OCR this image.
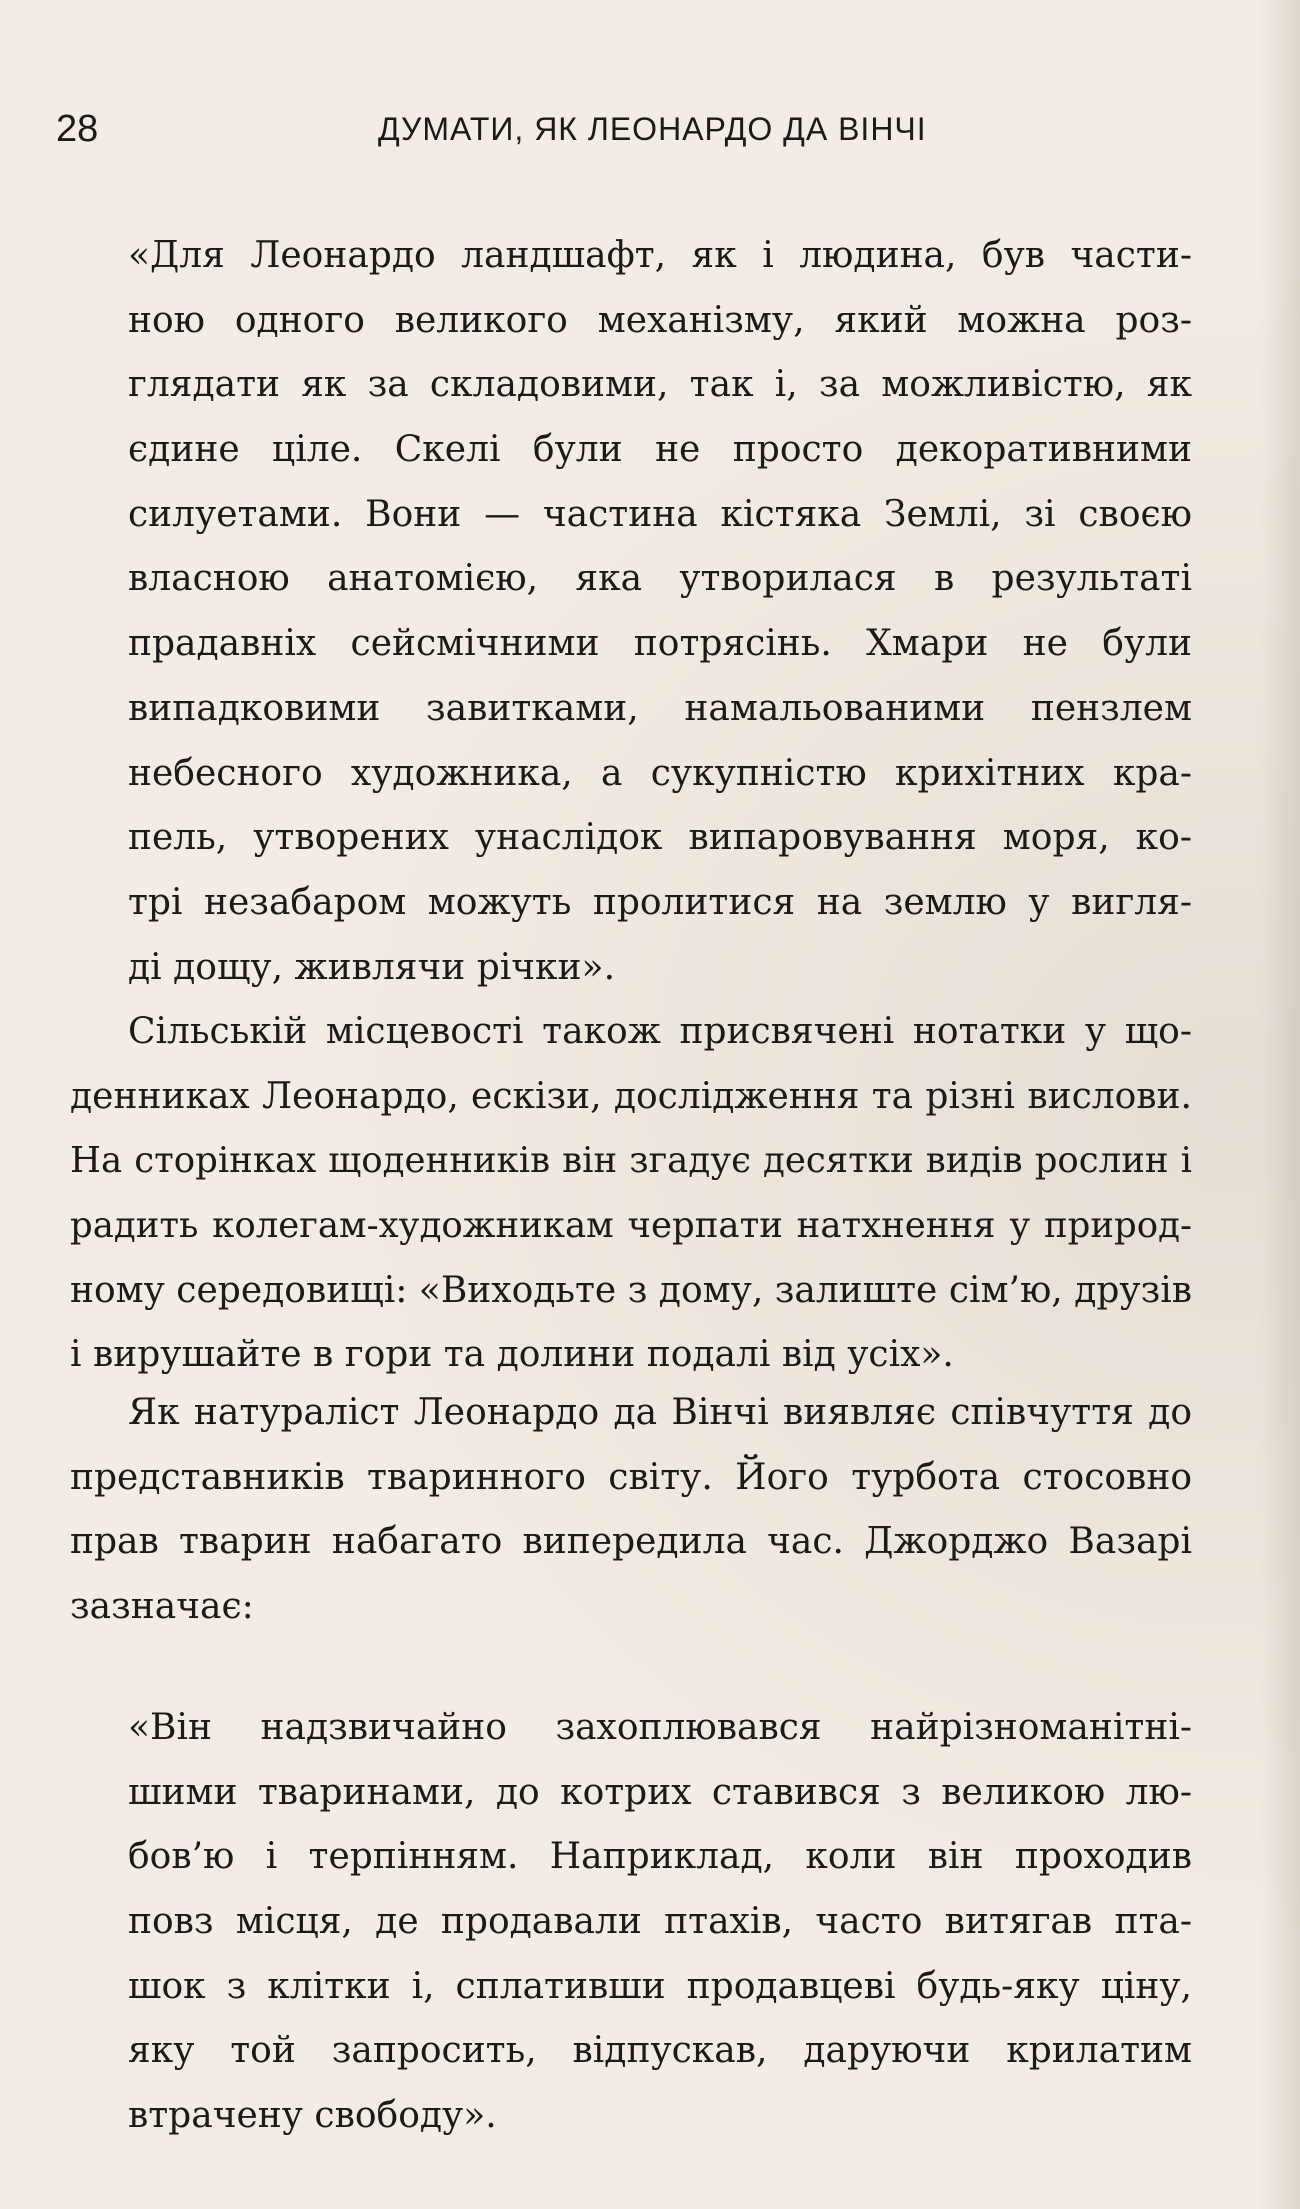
28	ДУМАТИ, ЯК ЛЕОНАРДО ДА ВІНЧІ
«Для Леонардо ландшафт, як і людина, був части-
ною одного великого механізму, який можна роз-
глядати як за складовими, так і, за можливістю, як
єдине ціле. Скелі були не просто декоративними
силуетами. Вони — частина кістяка Землі, зі своєю
власною анатомією, яка утворилася в результаті
прадавніх сейсмічними потрясінь. Хмари не були
випадковими завитками, намальованими пензлем
небесного художника, а сукупністю крихітних кра-
пель, утворених унаслідок випаровування моря, ко-
трі незабаром можуть пролитися на землю у вигля-
ді дощу, живлячи річки».
Сільській місцевості також присвячені нотатки у що-
денниках Леонардо, ескізи, дослідження та різні вислови.
На сторінках щоденників він згадує десятки видів рослин і
радить колегам-художникам черпати натхнення у природ-
ному середовищі: «Виходьте з дому, залиште сім’ю, друзів
і вирушайте в гори та долини подалі від усіх».
Як натураліст Леонардо да Вінчі виявляє співчуття до
представників тваринного світу. Його турбота стосовно
прав тварин набагато випередила час. Джорджо Вазарі
зазначає:
«Він надзвичайно захоплювався найрізноманітні-
шими тваринами, до котрих ставився з великою лю-
бов’ю і терпінням. Наприклад, коли він проходив
повз місця, де продавали птахів, часто витягав пта-
шок з клітки і, сплативши продавцеві будь-яку ціну,
яку той запросить, відпускав, даруючи крилатим
втрачену свободу».
